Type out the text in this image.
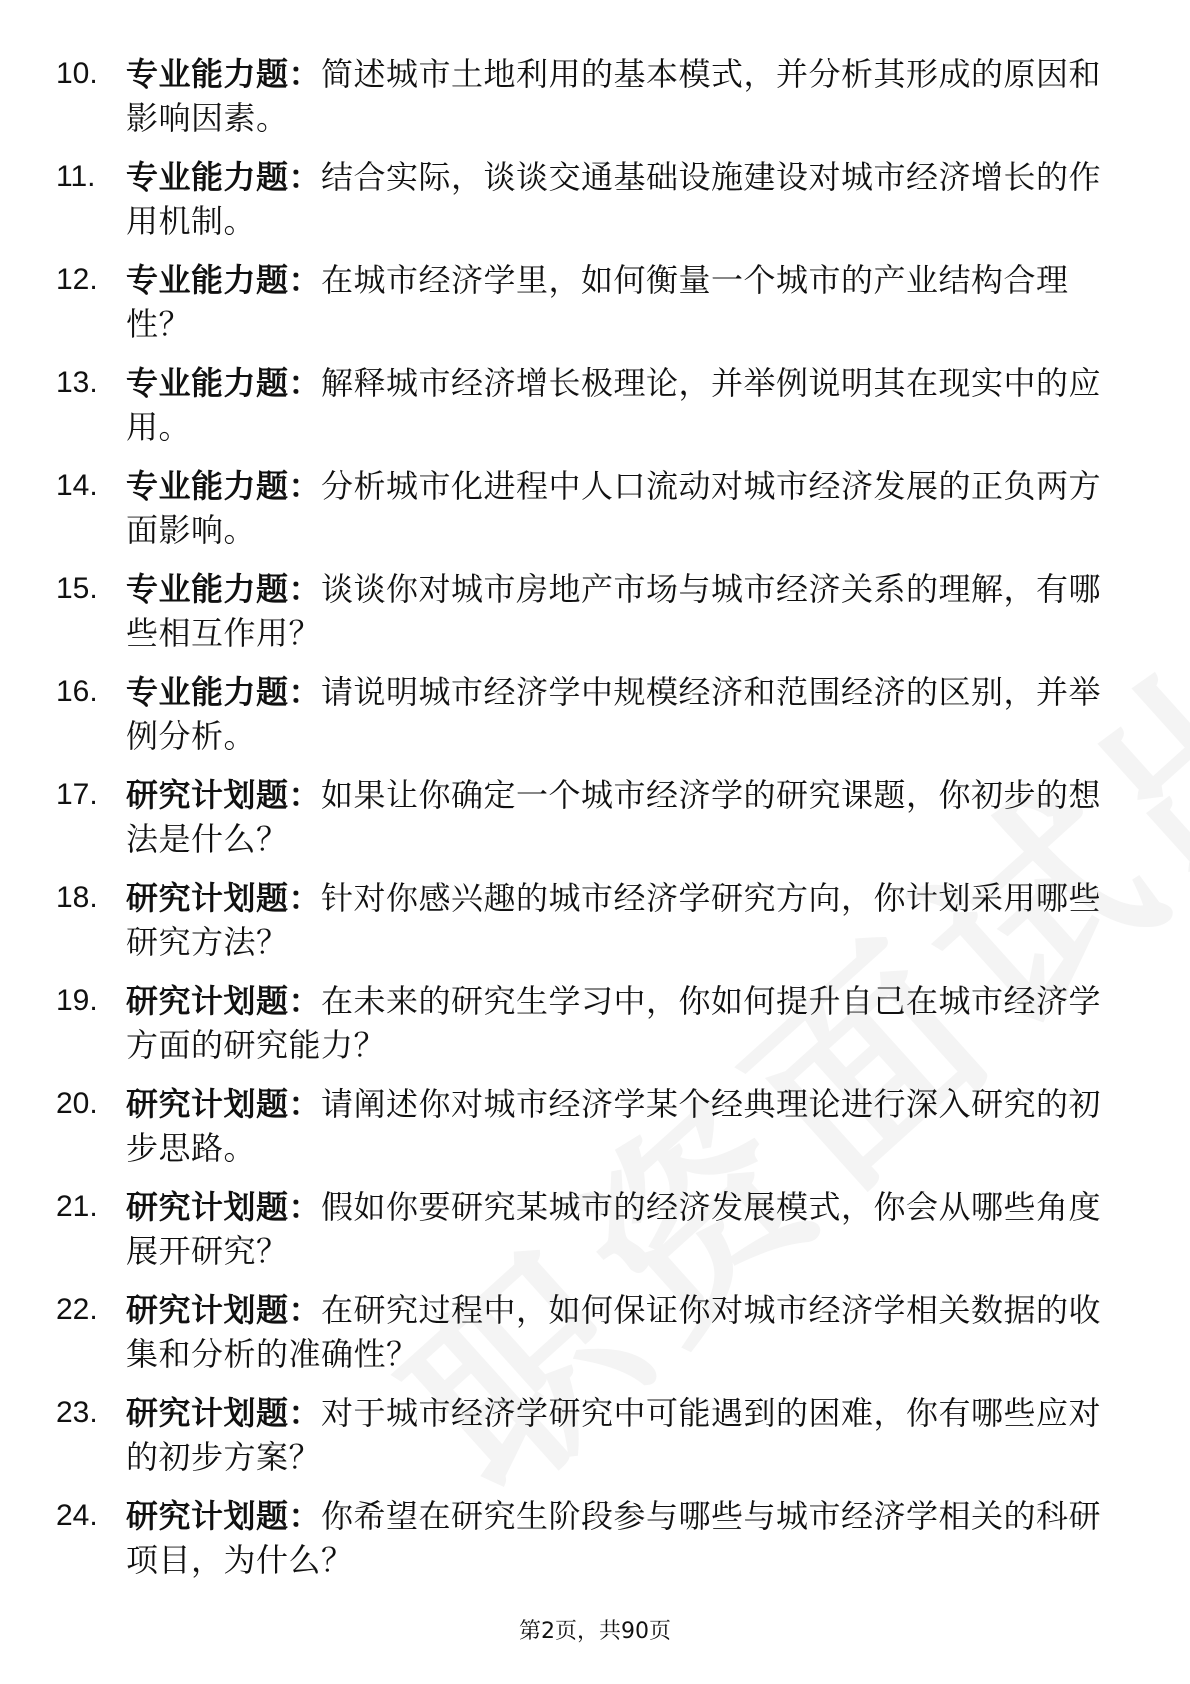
10. 专业能力题：简述城市土地利用的基本模式，并分析其形成的原因和影响因素。
11. 专业能力题：结合实际，谈谈交通基础设施建设对城市经济增长的作用机制。
12. 专业能力题：在城市经济学里，如何衡量一个城市的产业结构合理性？
13. 专业能力题：解释城市经济增长极理论，并举例说明其在现实中的应用。
14. 专业能力题：分析城市化进程中人口流动对城市经济发展的正负两方面影响。
15. 专业能力题：谈谈你对城市房地产市场与城市经济关系的理解，有哪些相互作用？
16. 专业能力题：请说明城市经济学中规模经济和范围经济的区别，并举例分析。
17. 研究计划题：如果让你确定一个城市经济学的研究课题，你初步的想法是什么？
18. 研究计划题：针对你感兴趣的城市经济学研究方向，你计划采用哪些研究方法？
19. 研究计划题：在未来的研究生学习中，你如何提升自己在城市经济学方面的研究能力？
20. 研究计划题：请阐述你对城市经济学某个经典理论进行深入研究的初步思路。
21. 研究计划题：假如你要研究某城市的经济发展模式，你会从哪些角度展开研究？
22. 研究计划题：在研究过程中，如何保证你对城市经济学相关数据的收集和分析的准确性？
23. 研究计划题：对于城市经济学研究中可能遇到的困难，你有哪些应对的初步方案？
24. 研究计划题：你希望在研究生阶段参与哪些与城市经济学相关的科研项目，为什么？
第2页，共90页
